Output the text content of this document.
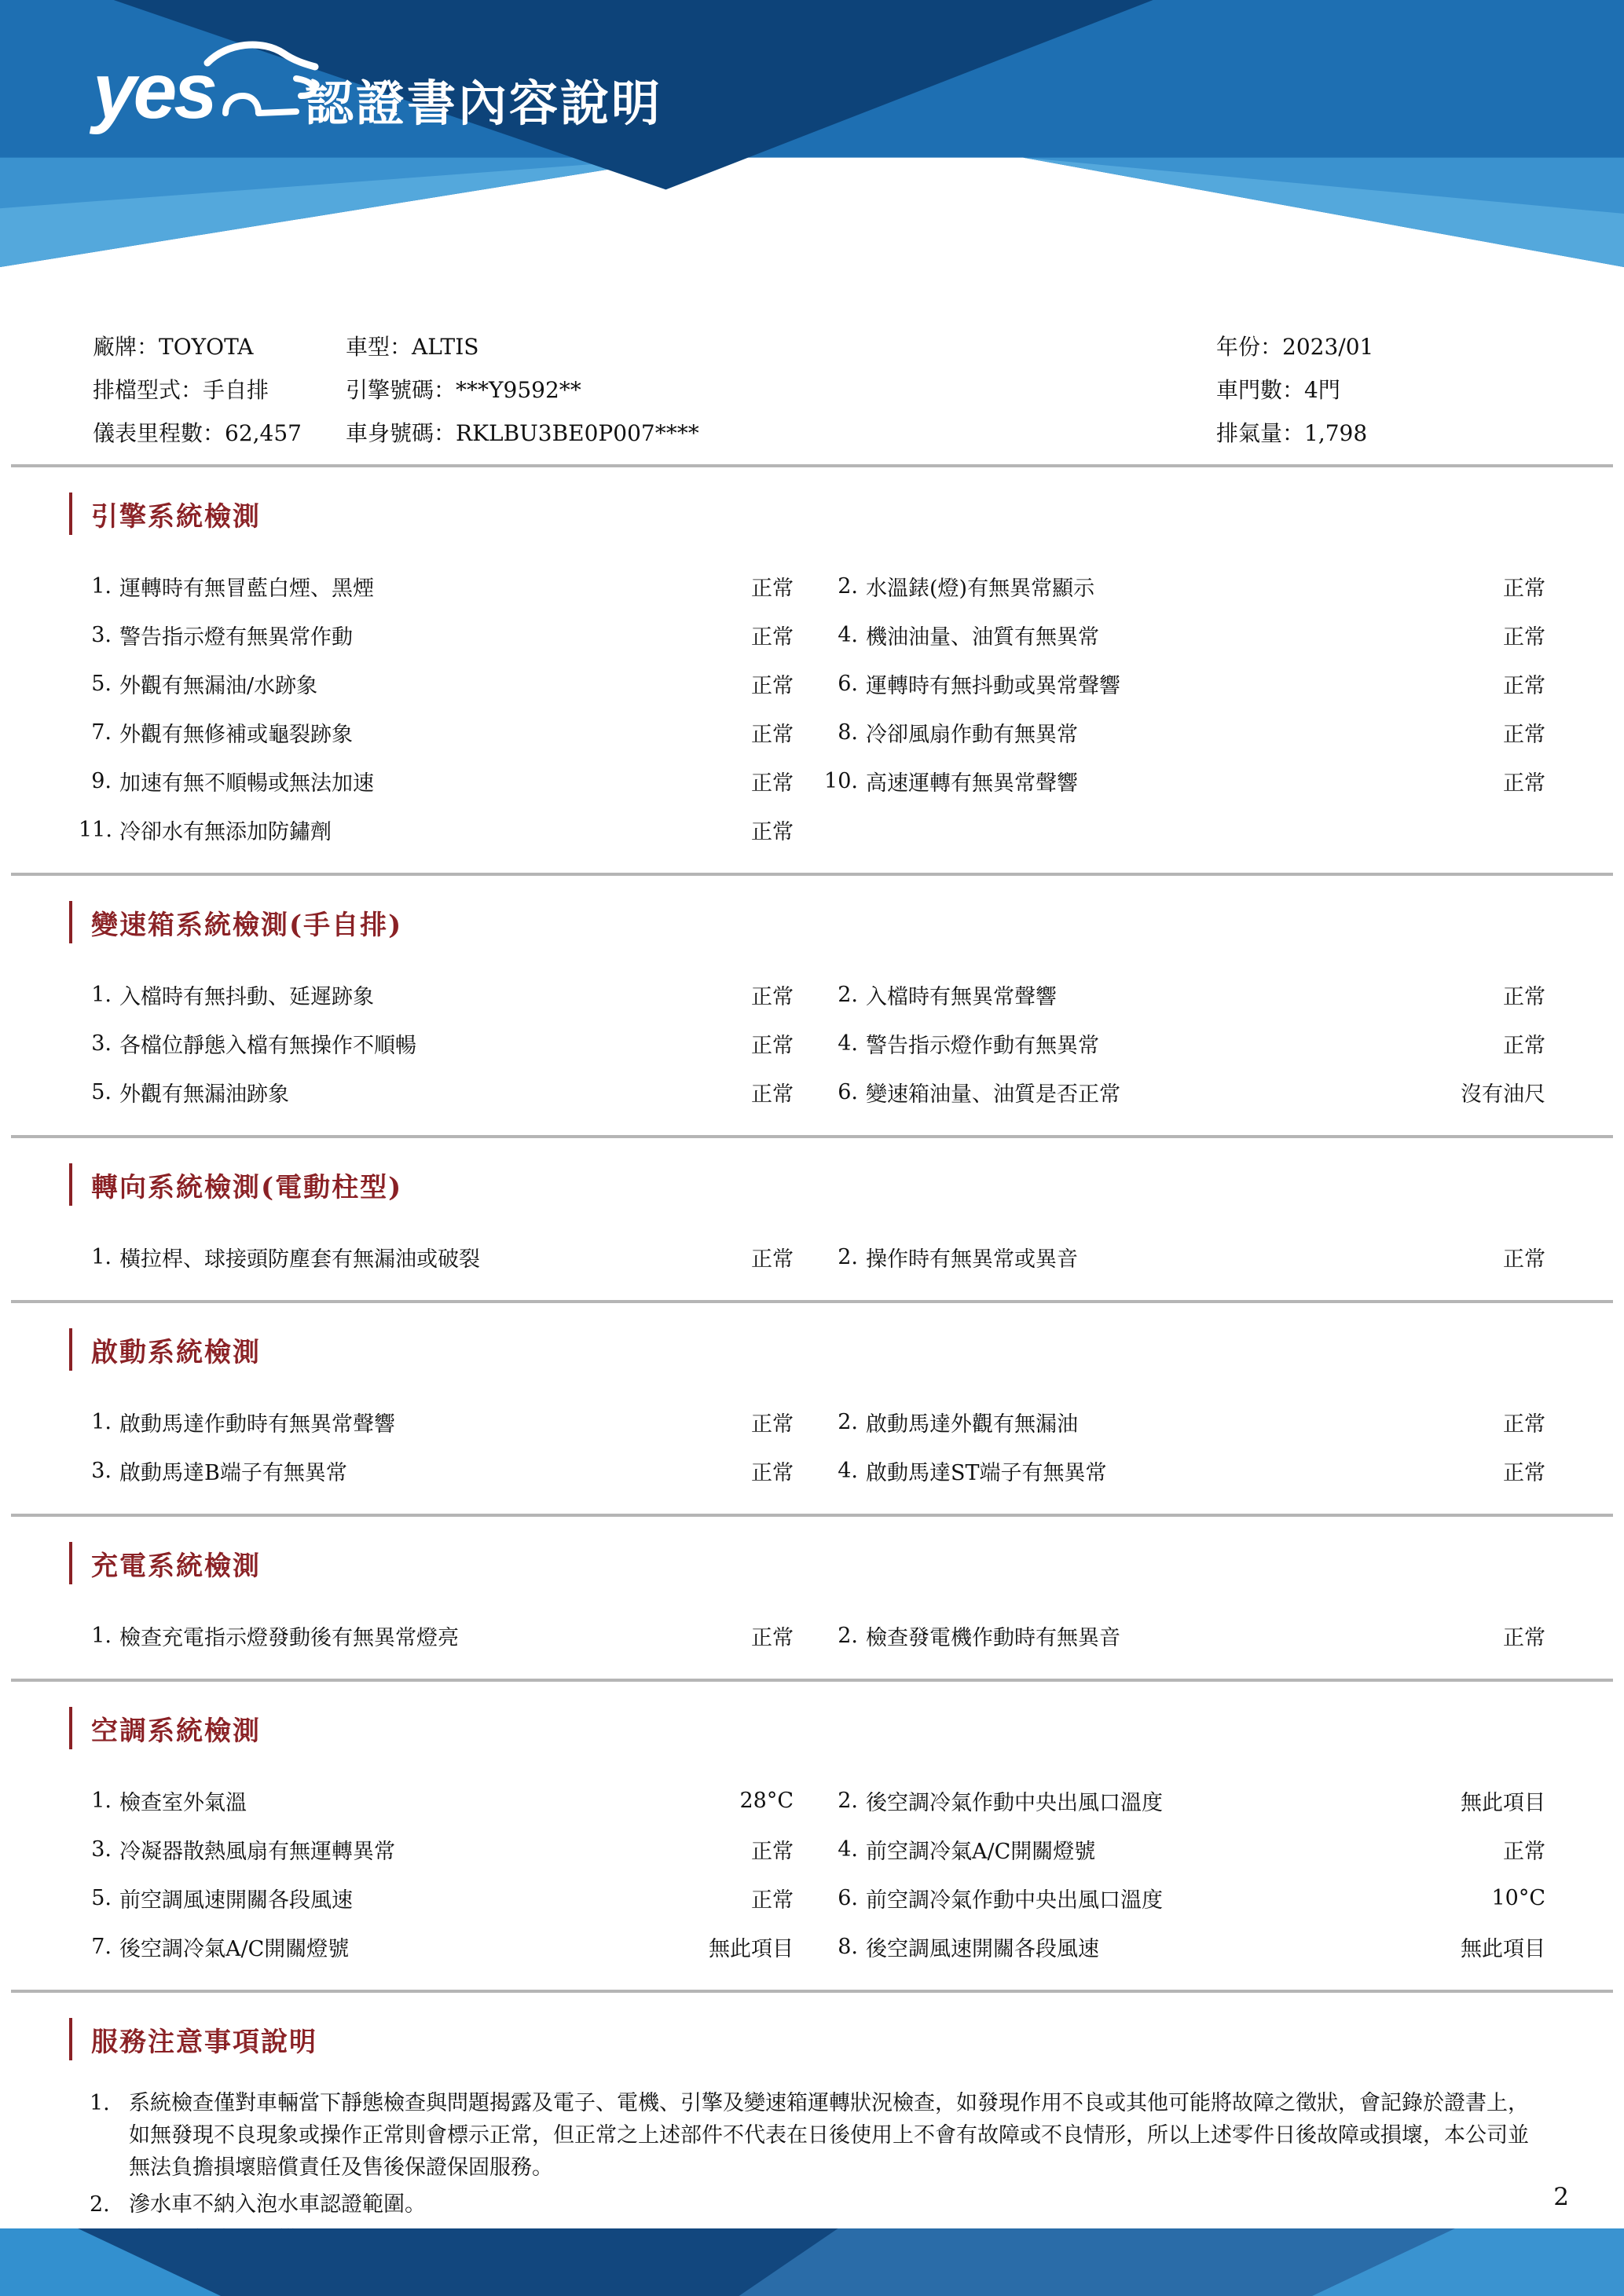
yes 認證書內容說明
廠牌：TOYOTA	車型：ALTIS	年份：2023/01
排檔型式：手自排	引擎號碼：***Y9592**	車門數：4門
儀表里程數：62,457	車身號碼：RKLBU3BE0P007****	排氣量：1,798
引擎系統檢測
1. 運轉時有無冒藍白煙、黑煙	正常	2. 水溫錶(燈)有無異常顯示	正常
3. 警告指示燈有無異常作動	正常	4. 機油油量、油質有無異常	正常
5. 外觀有無漏油/水跡象	正常	6. 運轉時有無抖動或異常聲響	正常
7. 外觀有無修補或龜裂跡象	正常	8. 冷卻風扇作動有無異常	正常
9. 加速有無不順暢或無法加速	正常	10. 高速運轉有無異常聲響	正常
11. 冷卻水有無添加防鏽劑	正常
變速箱系統檢測(手自排)
1. 入檔時有無抖動、延遲跡象	正常	2. 入檔時有無異常聲響	正常
3. 各檔位靜態入檔有無操作不順暢	正常	4. 警告指示燈作動有無異常	正常
5. 外觀有無漏油跡象	正常	6. 變速箱油量、油質是否正常	沒有油尺
轉向系統檢測(電動柱型)
1. 橫拉桿、球接頭防塵套有無漏油或破裂	正常	2. 操作時有無異常或異音	正常
啟動系統檢測
1. 啟動馬達作動時有無異常聲響	正常	2. 啟動馬達外觀有無漏油	正常
3. 啟動馬達B端子有無異常	正常	4. 啟動馬達ST端子有無異常	正常
充電系統檢測
1. 檢查充電指示燈發動後有無異常燈亮	正常	2. 檢查發電機作動時有無異音	正常
空調系統檢測
1. 檢查室外氣溫	28°C	2. 後空調冷氣作動中央出風口溫度	無此項目
3. 冷凝器散熱風扇有無運轉異常	正常	4. 前空調冷氣A/C開關燈號	正常
5. 前空調風速開關各段風速	正常	6. 前空調冷氣作動中央出風口溫度	10°C
7. 後空調冷氣A/C開關燈號	無此項目	8. 後空調風速開關各段風速	無此項目
服務注意事項說明
1. 系統檢查僅對車輛當下靜態檢查與問題揭露及電子、電機、引擎及變速箱運轉狀況檢查，如發現作用不良或其他可能將故障之徵狀，會記錄於證書上，如無發現不良現象或操作正常則會標示正常，但正常之上述部件不代表在日後使用上不會有故障或不良情形，所以上述零件日後故障或損壞，本公司並無法負擔損壞賠償責任及售後保證保固服務。
2. 滲水車不納入泡水車認證範圍。	2
